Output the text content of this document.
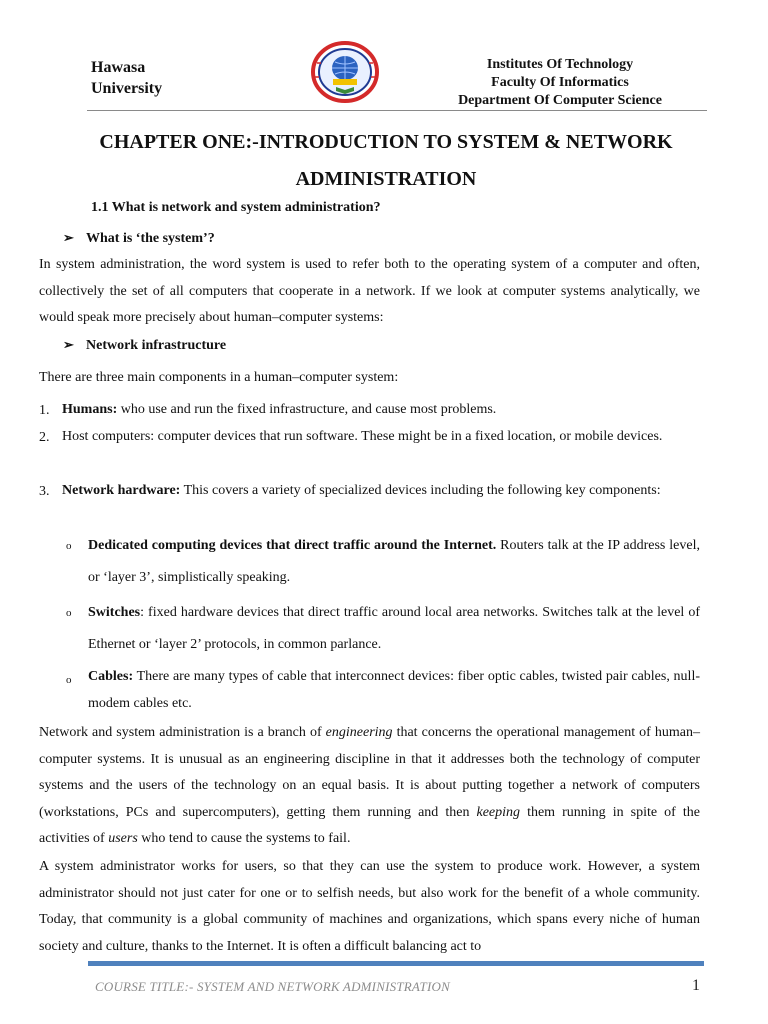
Hawasa
University
Institutes Of Technology
Faculty Of Informatics
Department Of Computer Science
CHAPTER ONE:-INTRODUCTION TO SYSTEM & NETWORK
ADMINISTRATION
1.1 What is network and system administration?
➢ What is ‘the system’?
In system administration, the word system is used to refer both to the operating system of a computer and often, collectively the set of all computers that cooperate in a network. If we look at computer systems analytically, we would speak more precisely about human–computer systems:
➢ Network infrastructure
There are three main components in a human–computer system:
1. Humans: who use and run the fixed infrastructure, and cause most problems.
2. Host computers: computer devices that run software. These might be in a fixed location, or mobile devices.
3. Network hardware: This covers a variety of specialized devices including the following key components:
o Dedicated computing devices that direct traffic around the Internet. Routers talk at the IP address level, or ‘layer 3’, simplistically speaking.
o Switches: fixed hardware devices that direct traffic around local area networks. Switches talk at the level of Ethernet or ‘layer 2’ protocols, in common parlance.
o Cables: There are many types of cable that interconnect devices: fiber optic cables, twisted pair cables, null-modem cables etc.
Network and system administration is a branch of engineering that concerns the operational management of human–computer systems. It is unusual as an engineering discipline in that it addresses both the technology of computer systems and the users of the technology on an equal basis. It is about putting together a network of computers (workstations, PCs and supercomputers), getting them running and then keeping them running in spite of the activities of users who tend to cause the systems to fail.
A system administrator works for users, so that they can use the system to produce work. However, a system administrator should not just cater for one or to selfish needs, but also work for the benefit of a whole community. Today, that community is a global community of machines and organizations, which spans every niche of human society and culture, thanks to the Internet. It is often a difficult balancing act to
COURSE TITLE:- SYSTEM AND NETWORK ADMINISTRATION	1
